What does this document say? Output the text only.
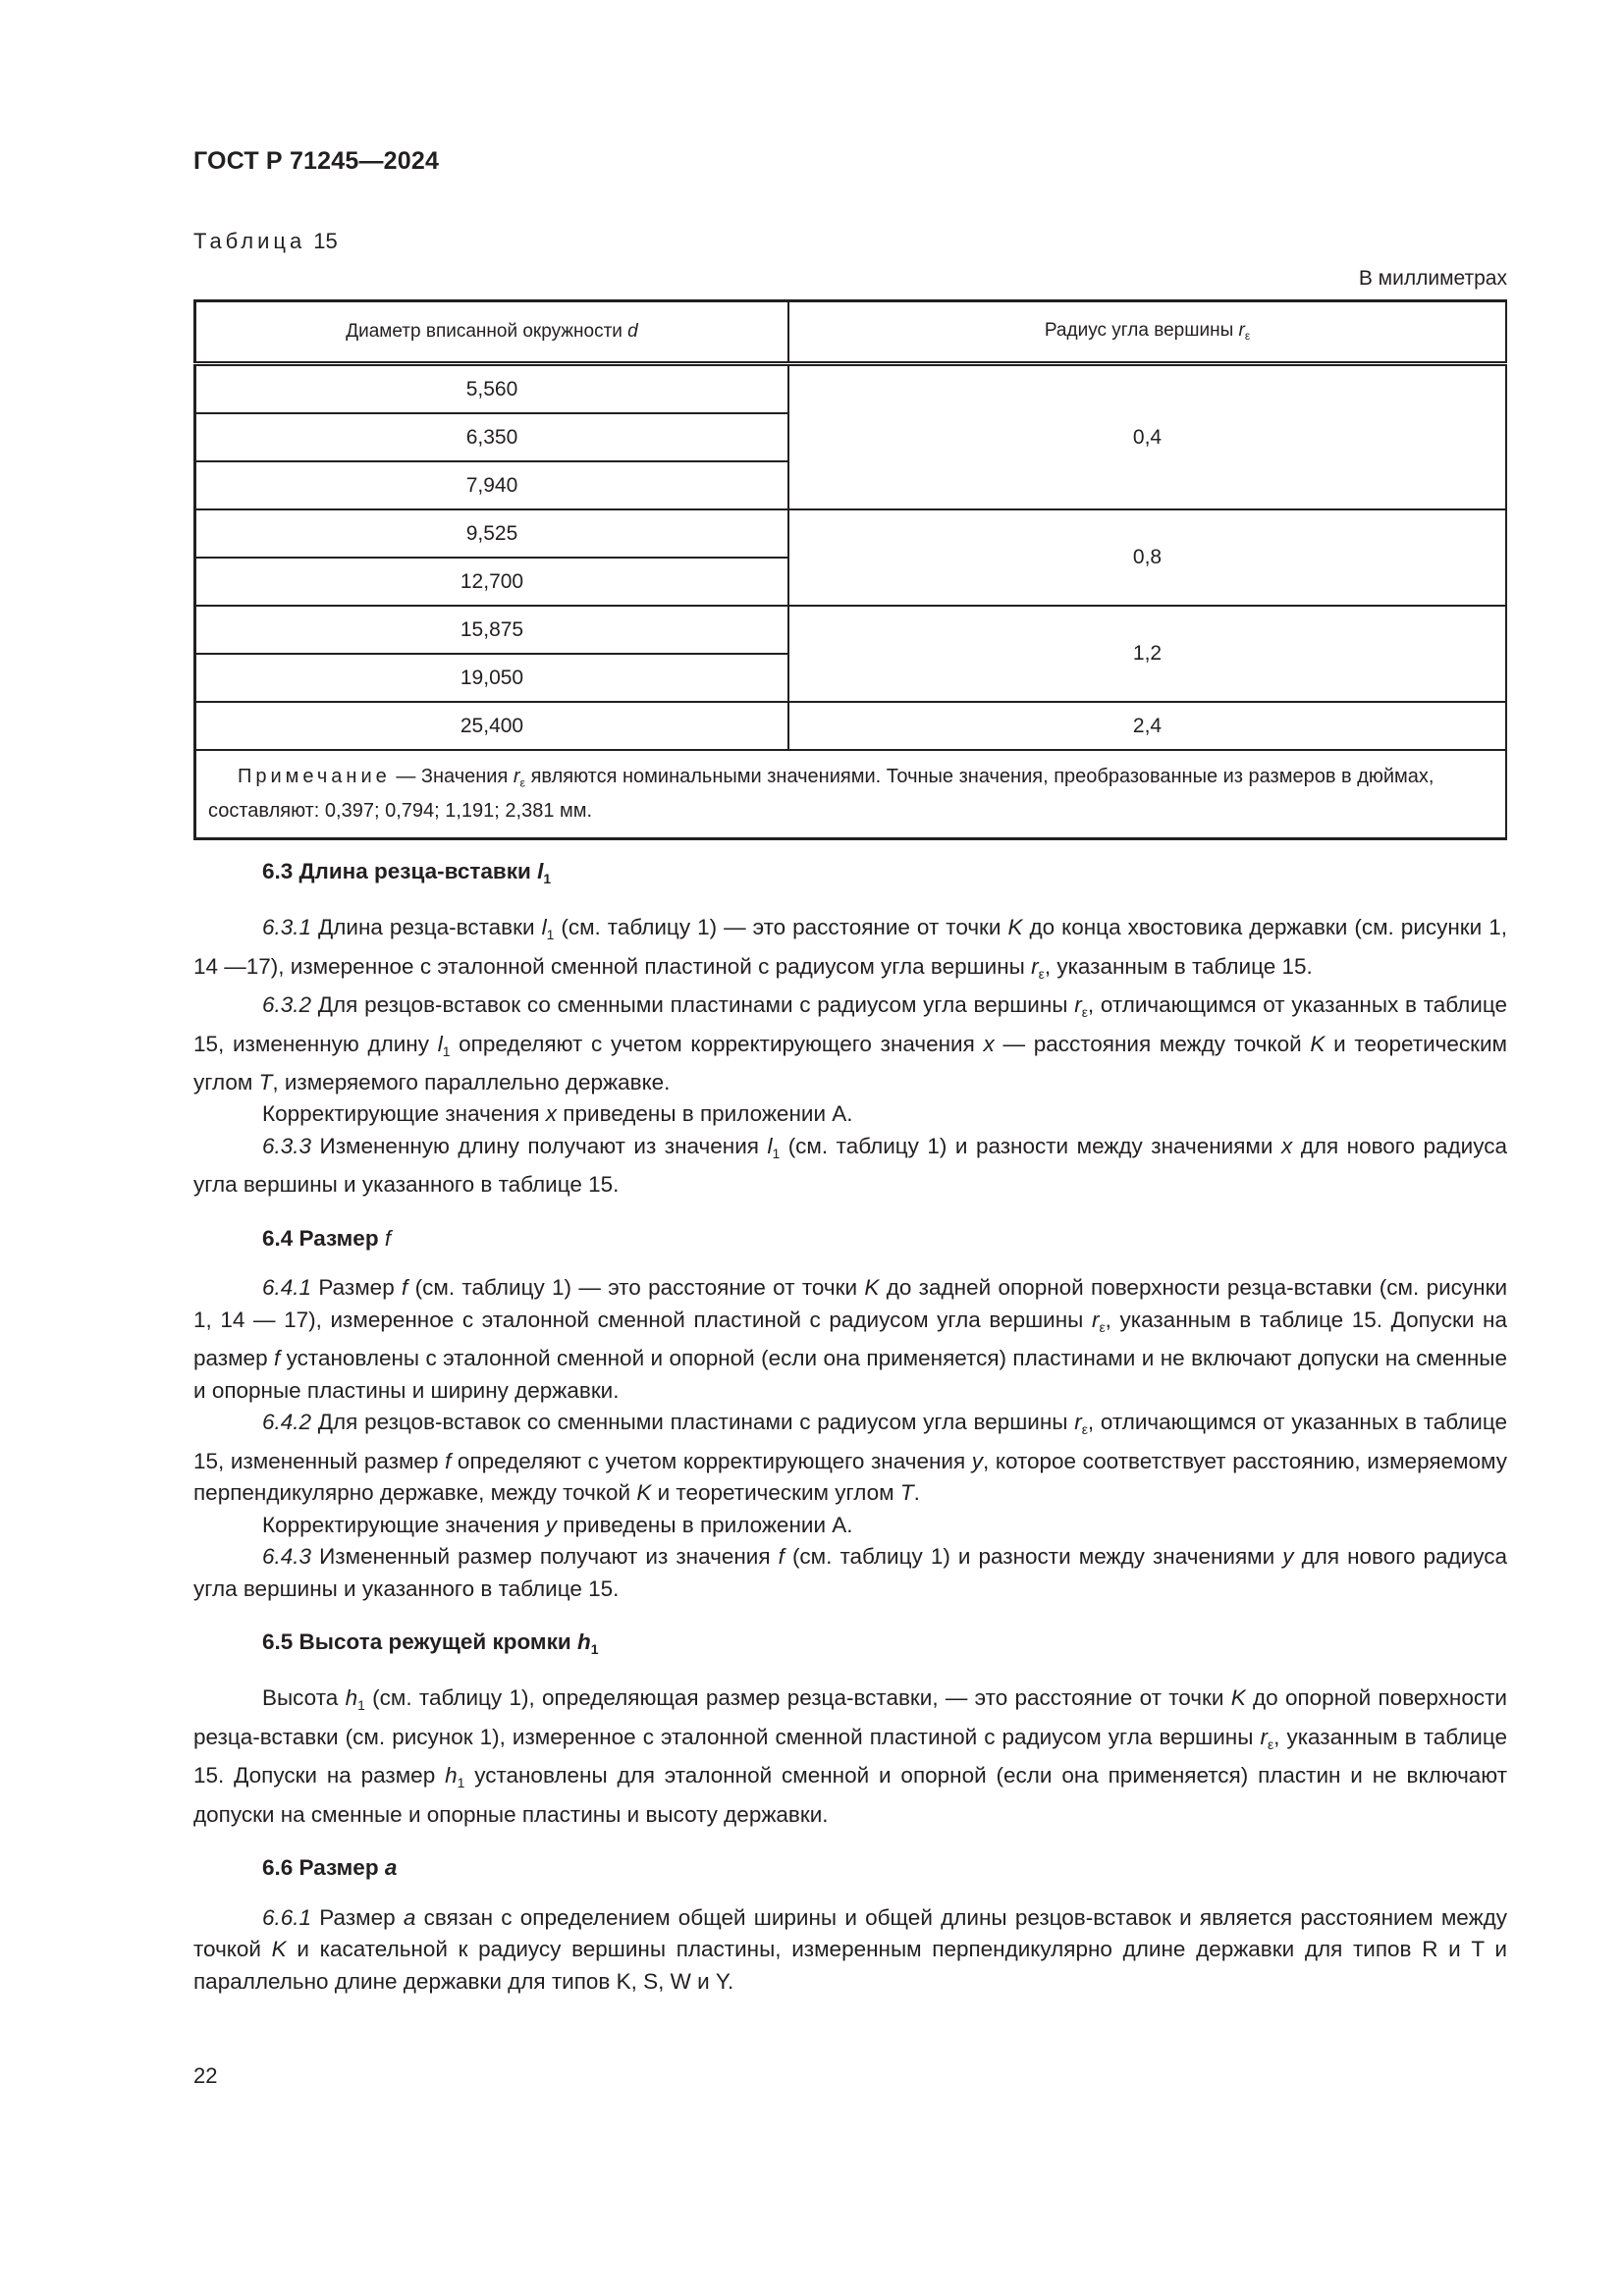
ГОСТ Р 71245—2024
Таблица 15
В миллиметрах
Диаметр вписанной окружности d	Радиус угла вершины $r_\varepsilon$
5,560	0,4
6,350	
7,940	
9,525	0,8
12,700	
15,875	1,2
19,050	
25,400	2,4
Примечание — Значения $r_\varepsilon$ являются номинальными значениями. Точные значения, преобразованные из размеров в дюймах, составляют: 0,397; 0,794; 1,191; 2,381 мм.	
6.3 Длина резца-вставки $l_1$

6.3.1 Длина резца-вставки $l_1$ (см. таблицу 1) — это расстояние от точки K до конца хвостовика державки (см. рисунки 1, 14 —17), измеренное с эталонной сменной пластиной с радиусом угла вершины $r_\varepsilon$, указанным в таблице 15.

6.3.2 Для резцов-вставок со сменными пластинами с радиусом угла вершины $r_\varepsilon$, отличающимся от указанных в таблице 15, измененную длину $l_1$ определяют с учетом корректирующего значения x — расстояния между точкой K и теоретическим углом T, измеряемого параллельно державке.

Корректирующие значения x приведены в приложении А.

6.3.3 Измененную длину получают из значения $l_1$ (см. таблицу 1) и разности между значениями x для нового радиуса угла вершины и указанного в таблице 15.

6.4 Размер f

6.4.1 Размер f (см. таблицу 1) — это расстояние от точки K до задней опорной поверхности резца-вставки (см. рисунки 1, 14 — 17), измеренное с эталонной сменной пластиной с радиусом угла вершины $r_\varepsilon$, указанным в таблице 15. Допуски на размер f установлены с эталонной сменной и опорной (если она применяется) пластинами и не включают допуски на сменные и опорные пластины и ширину державки.

6.4.2 Для резцов-вставок со сменными пластинами с радиусом угла вершины $r_\varepsilon$, отличающимся от указанных в таблице 15, измененный размер f определяют с учетом корректирующего значения y, которое соответствует расстоянию, измеряемому перпендикулярно державке, между точкой K и теоретическим углом T.

Корректирующие значения y приведены в приложении А.

6.4.3 Измененный размер получают из значения f (см. таблицу 1) и разности между значениями y для нового радиуса угла вершины и указанного в таблице 15.

6.5 Высота режущей кромки $h_1$

Высота $h_1$ (см. таблицу 1), определяющая размер резца-вставки, — это расстояние от точки K до опорной поверхности резца-вставки (см. рисунок 1), измеренное с эталонной сменной пластиной с радиусом угла вершины $r_\varepsilon$, указанным в таблице 15. Допуски на размер $h_1$ установлены для эталонной сменной и опорной (если она применяется) пластин и не включают допуски на сменные и опорные пластины и высоту державки.

6.6 Размер a

6.6.1 Размер a связан с определением общей ширины и общей длины резцов-вставок и является расстоянием между точкой K и касательной к радиусу вершины пластины, измеренным перпендикулярно длине державки для типов R и T и параллельно длине державки для типов K, S, W и Y.

22
